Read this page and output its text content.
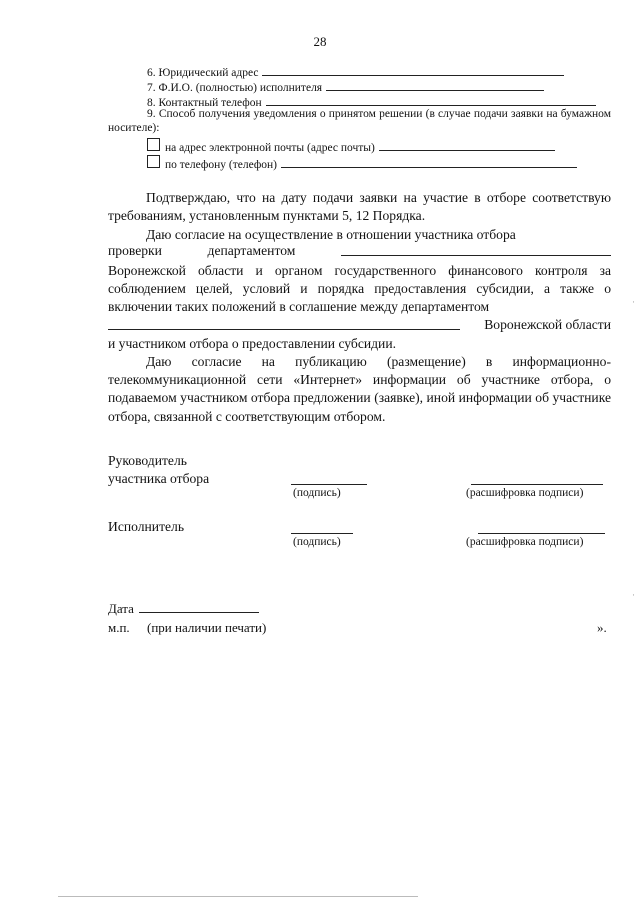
28
6. Юридический адрес
7. Ф.И.О. (полностью) исполнителя
8. Контактный телефон
9. Способ получения уведомления о принятом решении (в случае подачи заявки на бумажном носителе):
на адрес электронной почты (адрес почты)
по телефону (телефон)

Подтверждаю, что на дату подачи заявки на участие в отборе соответствую требованиям, установленным пунктами 5, 12 Порядка.

Даю согласие на осуществление в отношении участника отбора

проверки	департаментом

Воронежской области и органом государственного финансового контроля за соблюдением целей, условий и порядка предоставления субсидии, а также о включении таких положений в соглашение между департаментом

Воронежской области

и участником отбора о предоставлении субсидии.

Даю согласие на публикацию (размещение) в информационно-телекоммуникационной сети «Интернет» информации об участнике отбора, о подаваемом участником отбора предложении (заявке), иной информации об участнике отбора, связанной с соответствующим отбором.

Руководитель
участника отбора
(подпись)	(расшифровка подписи)
Исполнитель
(подпись)	(расшифровка подписи)
Дата
м.п. (при наличии печати)	».
·
·
